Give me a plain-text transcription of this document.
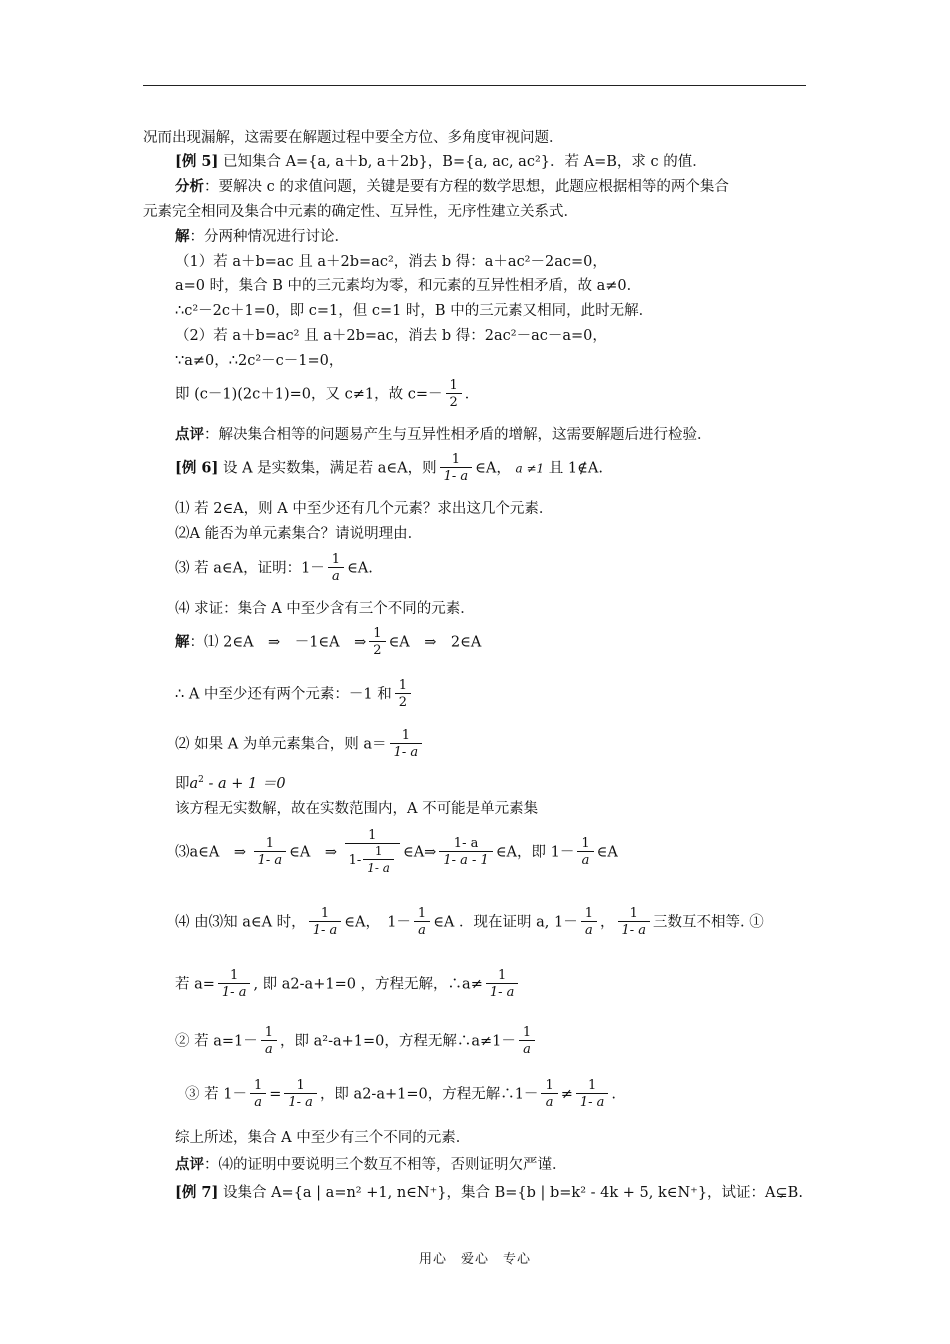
况而出现漏解，这需要在解题过程中要全方位、多角度审视问题．
[例 5] 已知集合 A={a, a＋b, a＋2b}，B={a, ac, ac²}．若 A=B，求 c 的值．
分析：要解决 c 的求值问题，关键是要有方程的数学思想，此题应根据相等的两个集合
元素完全相同及集合中元素的确定性、互异性，无序性建立关系式．
解：分两种情况进行讨论．
（1）若 a＋b=ac 且 a＋2b=ac²，消去 b 得：a＋ac²－2ac=0，
a=0 时，集合 B 中的三元素均为零，和元素的互异性相矛盾，故 a≠0．
∴c²－2c＋1=0，即 c=1，但 c=1 时，B 中的三元素又相同，此时无解．
（2）若 a＋b=ac² 且 a＋2b=ac，消去 b 得：2ac²－ac－a=0，
∵a≠0，∴2c²－c－1=0，
即 (c－1)(2c＋1)=0，又 c≠1，故 $c=- \frac{1}{2}$ ．
点评：解决集合相等的问题易产生与互异性相矛盾的增解，这需要解题后进行检验．
[例 6] 设 A 是实数集，满足若 a∈A，则 $\frac{1}{1- a}$ ∈A， a ≠1 且 1∉A.
⑴ 若 2∈A，则 A 中至少还有几个元素？求出这几个元素．
⑵A 能否为单元素集合？请说明理由．
⑶ 若 a∈A，证明：$1- \frac{1}{a}$ ∈A.
⑷ 求证：集合 A 中至少含有三个不同的元素．
解：⑴ 2∈A　⇒　－1∈A　⇒ $\frac{1}{2}$ ∈A　⇒　2∈A
∴ A 中至少还有两个元素：－1 和 $\frac{1}{2}$
⑵ 如果 A 为单元素集合，则 $a= \frac{1}{1- a}$
即$a^2 - a + 1 =0$
该方程无实数解，故在实数范围内，A 不可能是单元素集
⑶a∈A　⇒ $\frac{1}{1- a}$ ∈A　⇒ $\frac{1}{1- \frac{1}{1- a}}$ ∈A⇒ $\frac{1- a}{1- a - 1}$ ∈A，即 $1- \frac{1}{a}$ ∈A
⑷ 由⑶知 a∈A 时， $\frac{1}{1- a}$ ∈A，　$1- \frac{1}{a}$ ∈A ．现在证明 a, $1- \frac{1}{a}$ ， $\frac{1}{1- a}$ 三数互不相等. ①
若 $a= \frac{1}{1- a}$ , 即 a2-a+1=0 ，方程无解，∴a≠ $\frac{1}{1- a}$
② 若 $a=1- \frac{1}{a}$ ，即 a²-a+1=0，方程无解∴a≠1－ $\frac{1}{a}$
③ 若 $1- \frac{1}{a} = \frac{1}{1- a}$ ，即 a2-a+1=0，方程无解∴1－ $\frac{1}{a} \ne \frac{1}{1- a}$ .
综上所述，集合 A 中至少有三个不同的元素．
点评：⑷的证明中要说明三个数互不相等，否则证明欠严谨．
[例 7] 设集合 A={a | a=n² +1, n∈N⁺}，集合 B={b | b=k² - 4k + 5, k∈N⁺}，试证：A⊊B.
用心　爱心　专心
